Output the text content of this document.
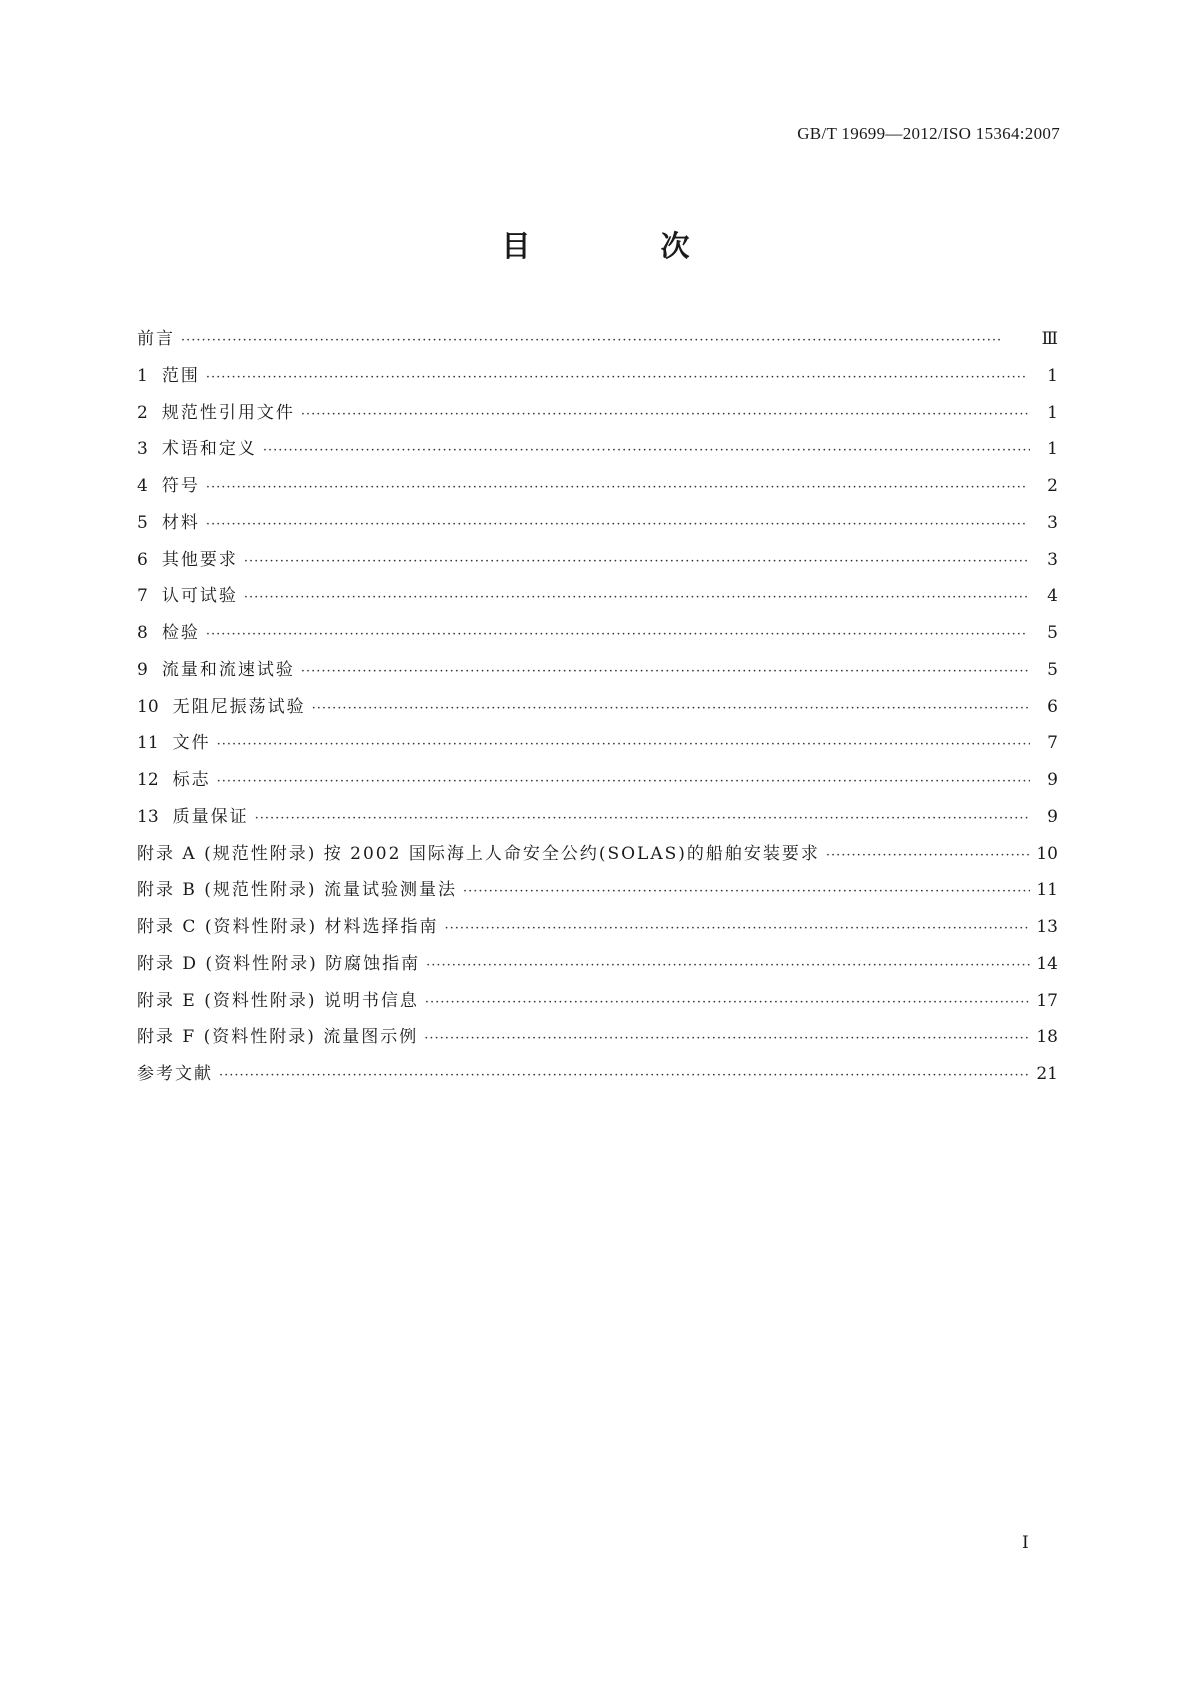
GB/T 19699—2012/ISO 15364:2007
目 次
前言 ·····	Ⅲ
1 范围 ·····	1
2 规范性引用文件 ·····	1
3 术语和定义 ·····	1
4 符号 ·····	2
5 材料 ·····	3
6 其他要求 ·····	3
7 认可试验 ·····	4
8 检验 ·····	5
9 流量和流速试验 ·····	5
10 无阻尼振荡试验 ·····	6
11 文件 ·····	7
12 标志 ·····	9
13 质量保证 ·····	9
附录 A (规范性附录) 按 2002 国际海上人命安全公约(SOLAS)的船舶安装要求 ·····	10
附录 B (规范性附录) 流量试验测量法 ·····	11
附录 C (资料性附录) 材料选择指南 ·····	13
附录 D (资料性附录) 防腐蚀指南 ·····	14
附录 E (资料性附录) 说明书信息 ·····	17
附录 F (资料性附录) 流量图示例 ·····	18
参考文献 ·····	21
I
